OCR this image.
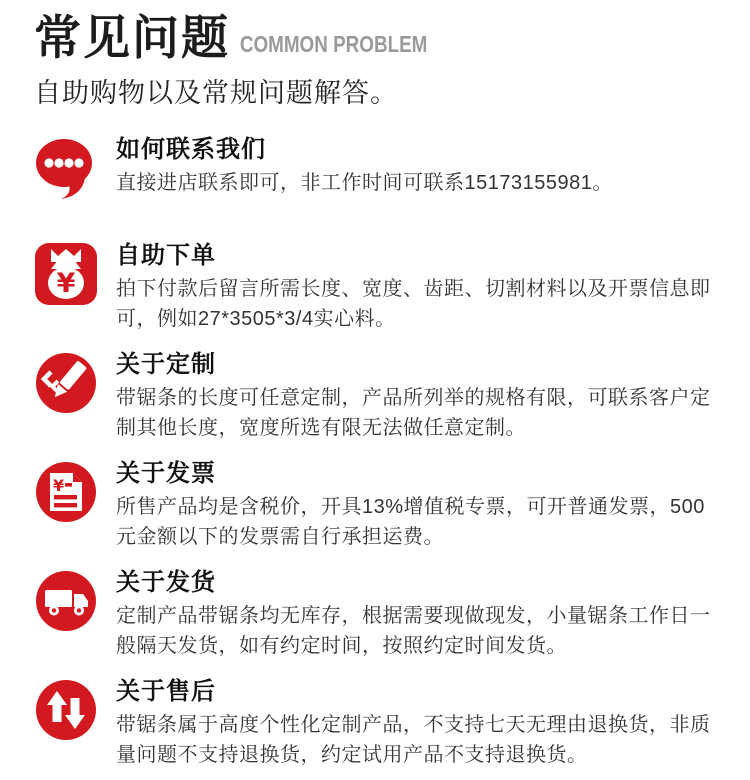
常见问题 COMMON PROBLEM
自助购物以及常规问题解答。
如何联系我们
直接进店联系即可，非工作时间可联系15173155981。
¥
自助下单
拍下付款后留言所需长度、宽度、齿距、切割材料以及开票信息即可，例如27*3505*3/4实心料。
关于定制
带锯条的长度可任意定制，产品所列举的规格有限，可联系客户定制其他长度，宽度所选有限无法做任意定制。
¥ 关于发票
所售产品均是含税价，开具13%增值税专票，可开普通发票，500元金额以下的发票需自行承担运费。
关于发货
定制产品带锯条均无库存，根据需要现做现发，小量锯条工作日一般隔天发货，如有约定时间，按照约定时间发货。
关于售后
带锯条属于高度个性化定制产品，不支持七天无理由退换货，非质量问题不支持退换货，约定试用产品不支持退换货。
